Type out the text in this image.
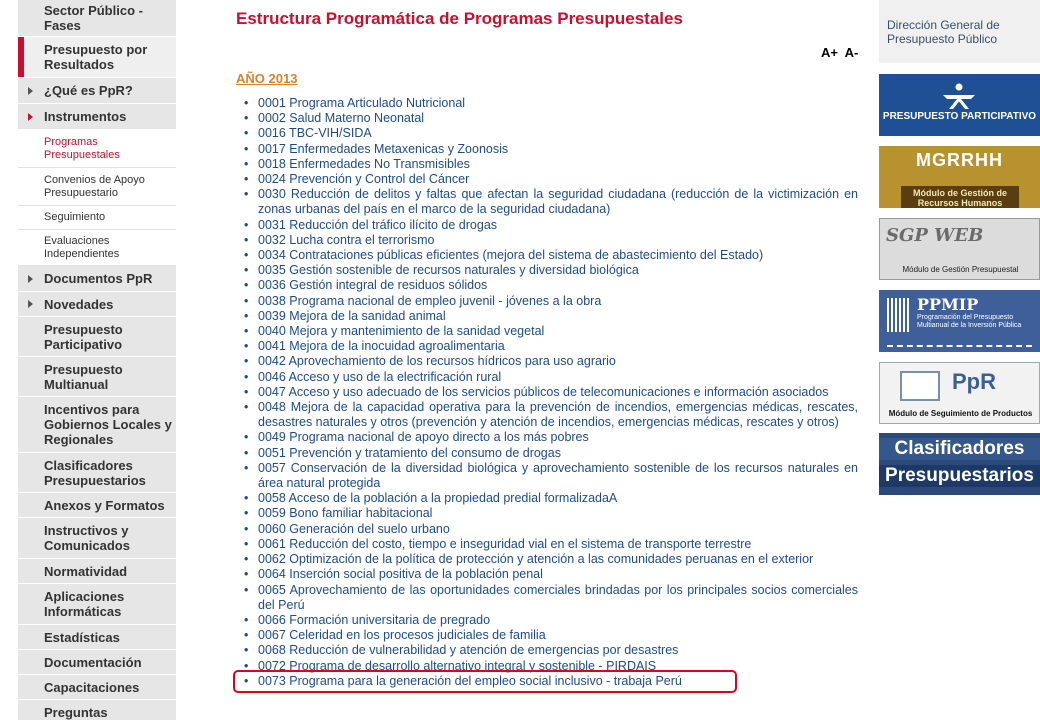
Sector Público - Fases
Presupuesto por Resultados
¿Qué es PpR?
Instrumentos
Programas Presupuestales
Convenios de Apoyo Presupuestario
Seguimiento
Evaluaciones Independientes
Documentos PpR
Novedades
Presupuesto Participativo
Presupuesto Multianual
Incentivos para Gobiernos Locales y Regionales
Clasificadores Presupuestarios
Anexos y Formatos
Instructivos y Comunicados
Normatividad
Aplicaciones Informáticas
Estadísticas
Documentación
Capacitaciones
Preguntas
Estructura Programática de Programas Presupuestales
A+ A-
AÑO 2013
• 0001 Programa Articulado Nutricional
• 0002 Salud Materno Neonatal
• 0016 TBC-VIH/SIDA
• 0017 Enfermedades Metaxenicas y Zoonosis
• 0018 Enfermedades No Transmisibles
• 0024 Prevención y Control del Cáncer
• 0030 Reducción de delitos y faltas que afectan la seguridad ciudadana (reducción de la victimización en zonas urbanas del país en el marco de la seguridad ciudadana)
• 0031 Reducción del tráfico ilícito de drogas
• 0032 Lucha contra el terrorismo
• 0034 Contrataciones públicas eficientes (mejora del sistema de abastecimiento del Estado)
• 0035 Gestión sostenible de recursos naturales y diversidad biológica
• 0036 Gestión integral de residuos sólidos
• 0038 Programa nacional de empleo juvenil - jóvenes a la obra
• 0039 Mejora de la sanidad animal
• 0040 Mejora y mantenimiento de la sanidad vegetal
• 0041 Mejora de la inocuidad agroalimentaria
• 0042 Aprovechamiento de los recursos hídricos para uso agrario
• 0046 Acceso y uso de la electrificación rural
• 0047 Acceso y uso adecuado de los servicios públicos de telecomunicaciones e información asociados
• 0048 Mejora de la capacidad operativa para la prevención de incendios, emergencias médicas, rescates, desastres naturales y otros (prevención y atención de incendios, emergencias médicas, rescates y otros)
• 0049 Programa nacional de apoyo directo a los más pobres
• 0051 Prevención y tratamiento del consumo de drogas
• 0057 Conservación de la diversidad biológica y aprovechamiento sostenible de los recursos naturales en área natural protegida
• 0058 Acceso de la población a la propiedad predial formalizadaA
• 0059 Bono familiar habitacional
• 0060 Generación del suelo urbano
• 0061 Reducción del costo, tiempo e inseguridad vial en el sistema de transporte terrestre
• 0062 Optimización de la política de protección y atención a las comunidades peruanas en el exterior
• 0064 Inserción social positiva de la población penal
• 0065 Aprovechamiento de las oportunidades comerciales brindadas por los principales socios comerciales del Perú
• 0066 Formación universitaria de pregrado
• 0067 Celeridad en los procesos judiciales de familia
• 0068 Reducción de vulnerabilidad y atención de emergencias por desastres
• 0072 Programa de desarrollo alternativo integral y sostenible - PIRDAIS
• 0073 Programa para la generación del empleo social inclusivo - trabaja Perú
Dirección General de Presupuesto Público
PRESUPUESTO PARTICIPATIVO
MGRRHH
Módulo de Gestión de Recursos Humanos
SGP WEB
Módulo de Gestión Presupuestal
PPMIP
Programación del Presupuesto Multianual de la Inversión Pública
PpR
Módulo de Seguimiento de Productos
Clasificadores
Presupuestarios
